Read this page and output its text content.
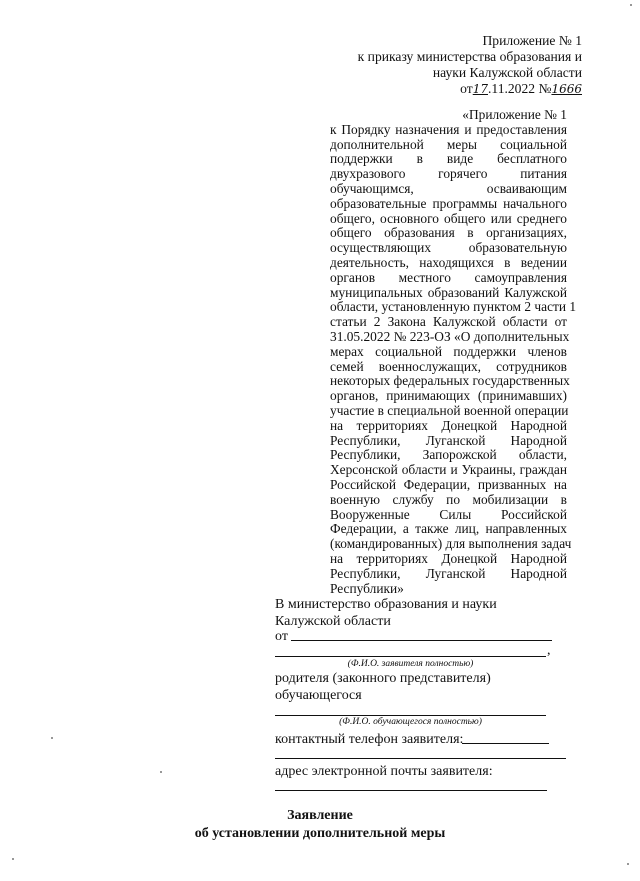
Приложение № 1
к приказу министерства образования и
науки Калужской области
от17.11.2022 №1666
«Приложение № 1
к Порядку назначения и предоставления
дополнительной меры социальной
поддержки в виде бесплатного
двухразового горячего питания
обучающимся, осваивающим
образовательные программы начального
общего, основного общего или среднего
общего образования в организациях,
осуществляющих образовательную
деятельность, находящихся в ведении
органов местного самоуправления
муниципальных образований Калужской
области, установленную пунктом 2 части 1
статьи 2 Закона Калужской области от
31.05.2022 № 223-ОЗ «О дополнительных
мерах социальной поддержки членов
семей военнослужащих, сотрудников
некоторых федеральных государственных
органов, принимающих (принимавших)
участие в специальной военной операции
на территориях Донецкой Народной
Республики, Луганской Народной
Республики, Запорожской области,
Херсонской области и Украины, граждан
Российской Федерации, призванных на
военную службу по мобилизации в
Вооруженные Силы Российской
Федерации, а также лиц, направленных
(командированных) для выполнения задач
на территориях Донецкой Народной
Республики, Луганской Народной
Республики»
В министерство образования и науки
Калужской области
от
,
(Ф.И.О. заявителя полностью)
родителя (законного представителя)
обучающегося
(Ф.И.О. обучающегося полностью)
контактный телефон заявителя:
адрес электронной почты заявителя:
Заявление
об установлении дополнительной меры
